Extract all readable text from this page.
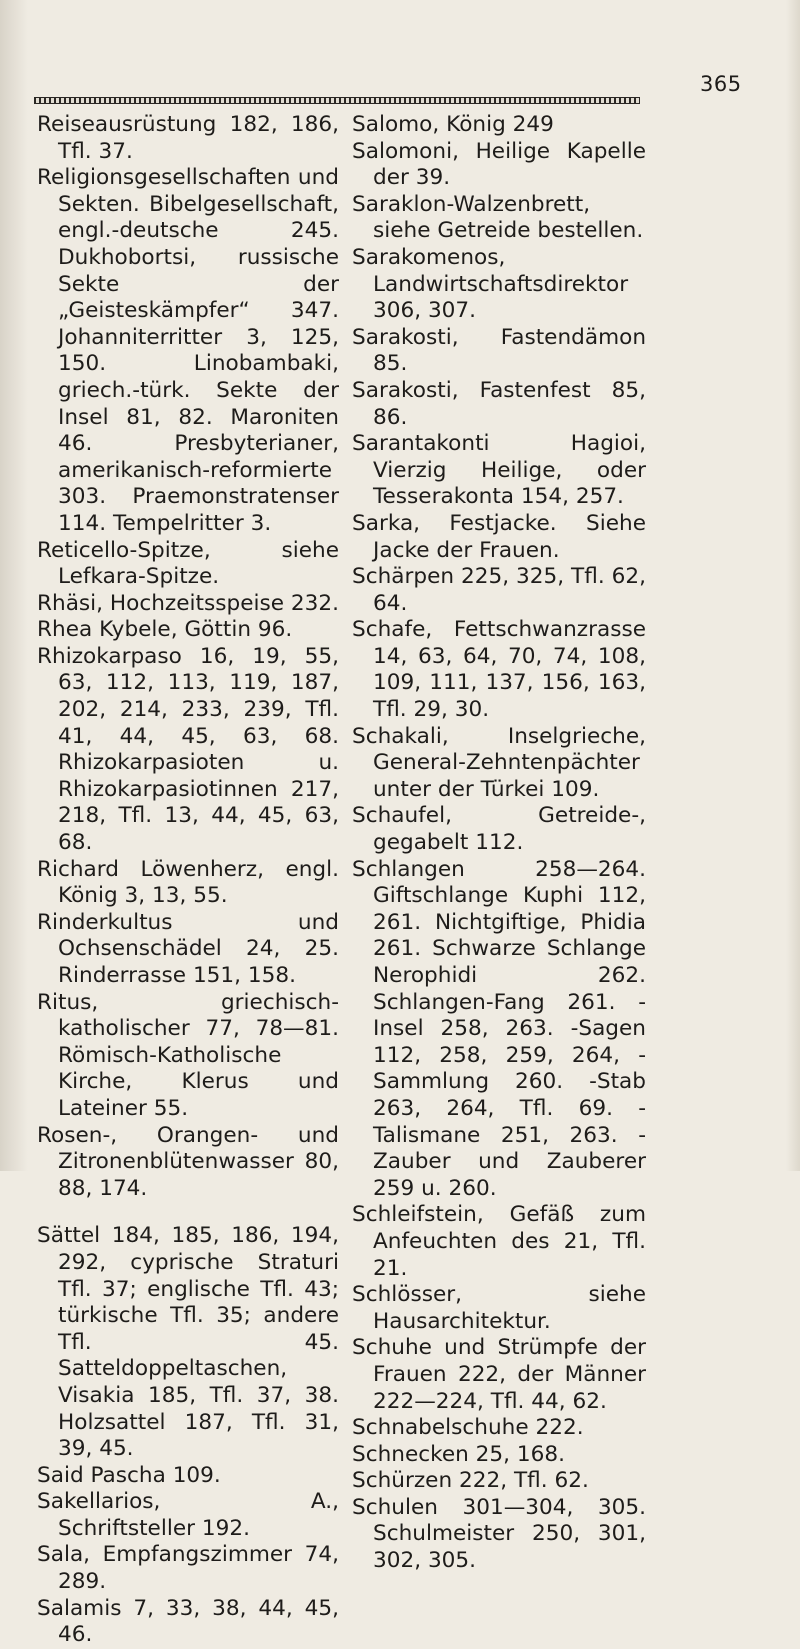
365
Reiseausrüstung 182, 186, Tfl. 37.
Religionsgesellschaften und Sekten. Bibelgesellschaft, engl.-deutsche 245. Dukhobortsi, russische Sekte der „Geisteskämpfer“ 347. Johanniterritter 3, 125, 150. Linobambaki, griech.-türk. Sekte der Insel 81, 82. Maroniten 46. Presbyterianer, amerikanisch-reformierte 303. Praemonstratenser 114. Tempelritter 3.
Reticello-Spitze, siehe Lefkara-Spitze.
Rhäsi, Hochzeitsspeise 232.
Rhea Kybele, Göttin 96.
Rhizokarpaso 16, 19, 55, 63, 112, 113, 119, 187, 202, 214, 233, 239, Tfl. 41, 44, 45, 63, 68. Rhizokarpasioten u. Rhizokarpasiotinnen 217, 218, Tfl. 13, 44, 45, 63, 68.
Richard Löwenherz, engl. König 3, 13, 55.
Rinderkultus und Ochsenschädel 24, 25. Rinderrasse 151, 158.
Ritus, griechisch-katholischer 77, 78—81. Römisch-Katholische Kirche, Klerus und Lateiner 55.
Rosen-, Orangen- und Zitronenblütenwasser 80, 88, 174.
Sättel 184, 185, 186, 194, 292, cyprische Straturi Tfl. 37; englische Tfl. 43; türkische Tfl. 35; andere Tfl. 45. Satteldoppeltaschen, Visakia 185, Tfl. 37, 38. Holzsattel 187, Tfl. 31, 39, 45.
Said Pascha 109.
Sakellarios, A., Schriftsteller 192.
Sala, Empfangszimmer 74, 289.
Salamis 7, 33, 38, 44, 45, 46.
Salomo, König 249
Salomoni, Heilige Kapelle der 39.
Saraklon-Walzenbrett, siehe Getreide bestellen.
Sarakomenos, Landwirtschaftsdirektor 306, 307.
Sarakosti, Fastendämon 85.
Sarakosti, Fastenfest 85, 86.
Sarantakonti Hagioi, Vierzig Heilige, oder Tesserakonta 154, 257.
Sarka, Festjacke. Siehe Jacke der Frauen.
Schärpen 225, 325, Tfl. 62, 64.
Schafe, Fettschwanzrasse 14, 63, 64, 70, 74, 108, 109, 111, 137, 156, 163, Tfl. 29, 30.
Schakali, Inselgrieche, General-Zehntenpächter unter der Türkei 109.
Schaufel, Getreide-, gegabelt 112.
Schlangen 258—264. Giftschlange Kuphi 112, 261. Nichtgiftige, Phidia 261. Schwarze Schlange Nerophidi 262. Schlangen-Fang 261. -Insel 258, 263. -Sagen 112, 258, 259, 264, -Sammlung 260. -Stab 263, 264, Tfl. 69. -Talismane 251, 263. -Zauber und Zauberer 259 u. 260.
Schleifstein, Gefäß zum Anfeuchten des 21, Tfl. 21.
Schlösser, siehe Hausarchitektur.
Schuhe und Strümpfe der Frauen 222, der Männer 222—224, Tfl. 44, 62.
Schnabelschuhe 222.
Schnecken 25, 168.
Schürzen 222, Tfl. 62.
Schulen 301—304, 305. Schulmeister 250, 301, 302, 305.
